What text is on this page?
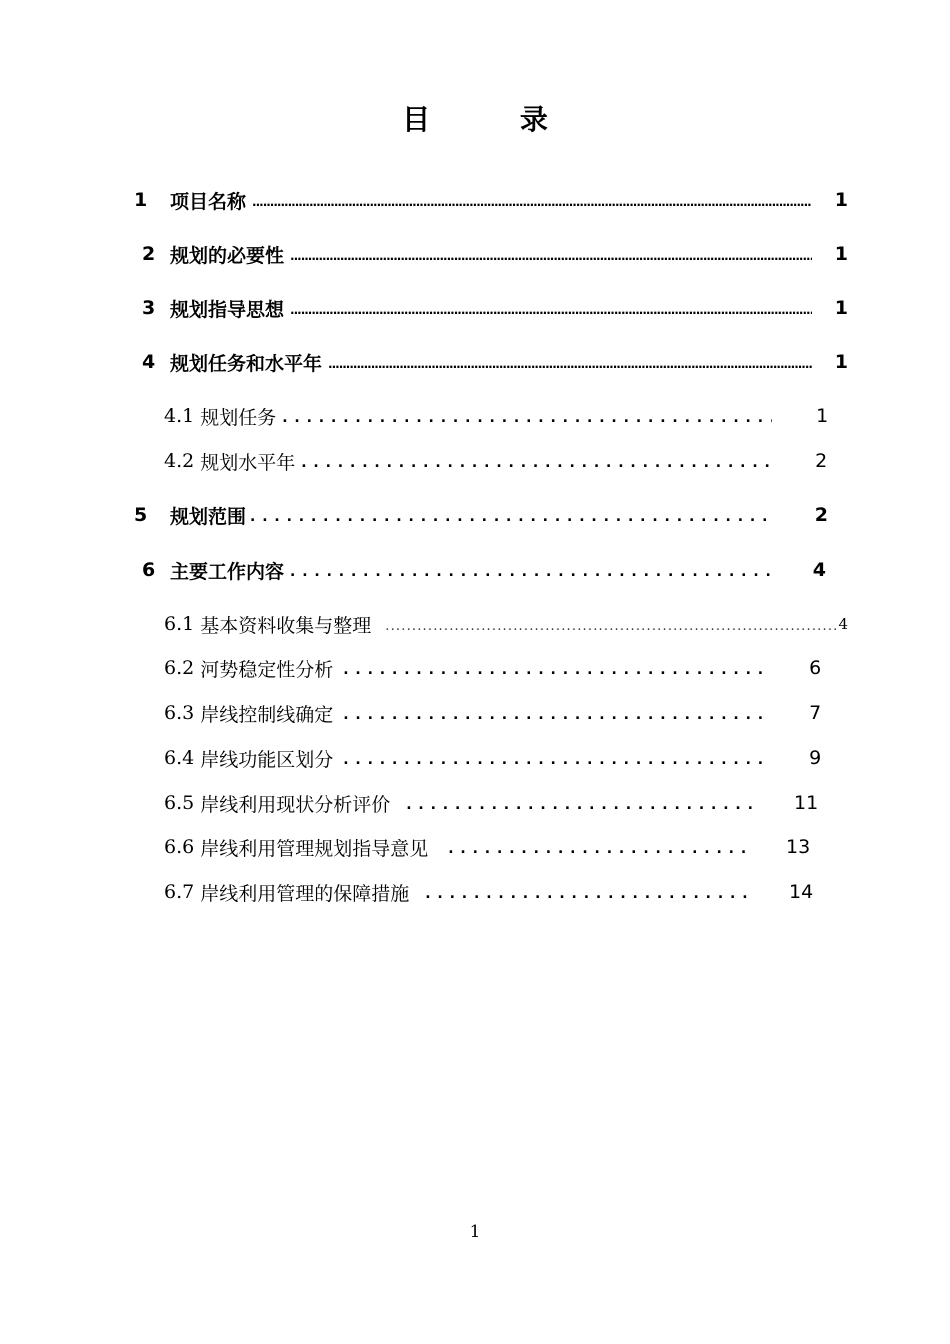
目 录
1	项目名称 .....	1
2 规划的必要性 .....	1
3 规划指导思想 .....	1
4 规划任务和水平年 .....	1
4.1 规划任务 . . .	1
4.2 规划水平年 . . .	2
5	规划范围 . . .	2
6 主要工作内容 . . .	4
6.1 基本资料收集与整理 .....	4
6.2 河势稳定性分析 . . .	6
6.3 岸线控制线确定 . . .	7
6.4 岸线功能区划分 . . .	9
6.5 岸线利用现状分析评价 . . .	11
6.6 岸线利用管理规划指导意见 . . .	13
6.7 岸线利用管理的保障措施 . . .	14
1
